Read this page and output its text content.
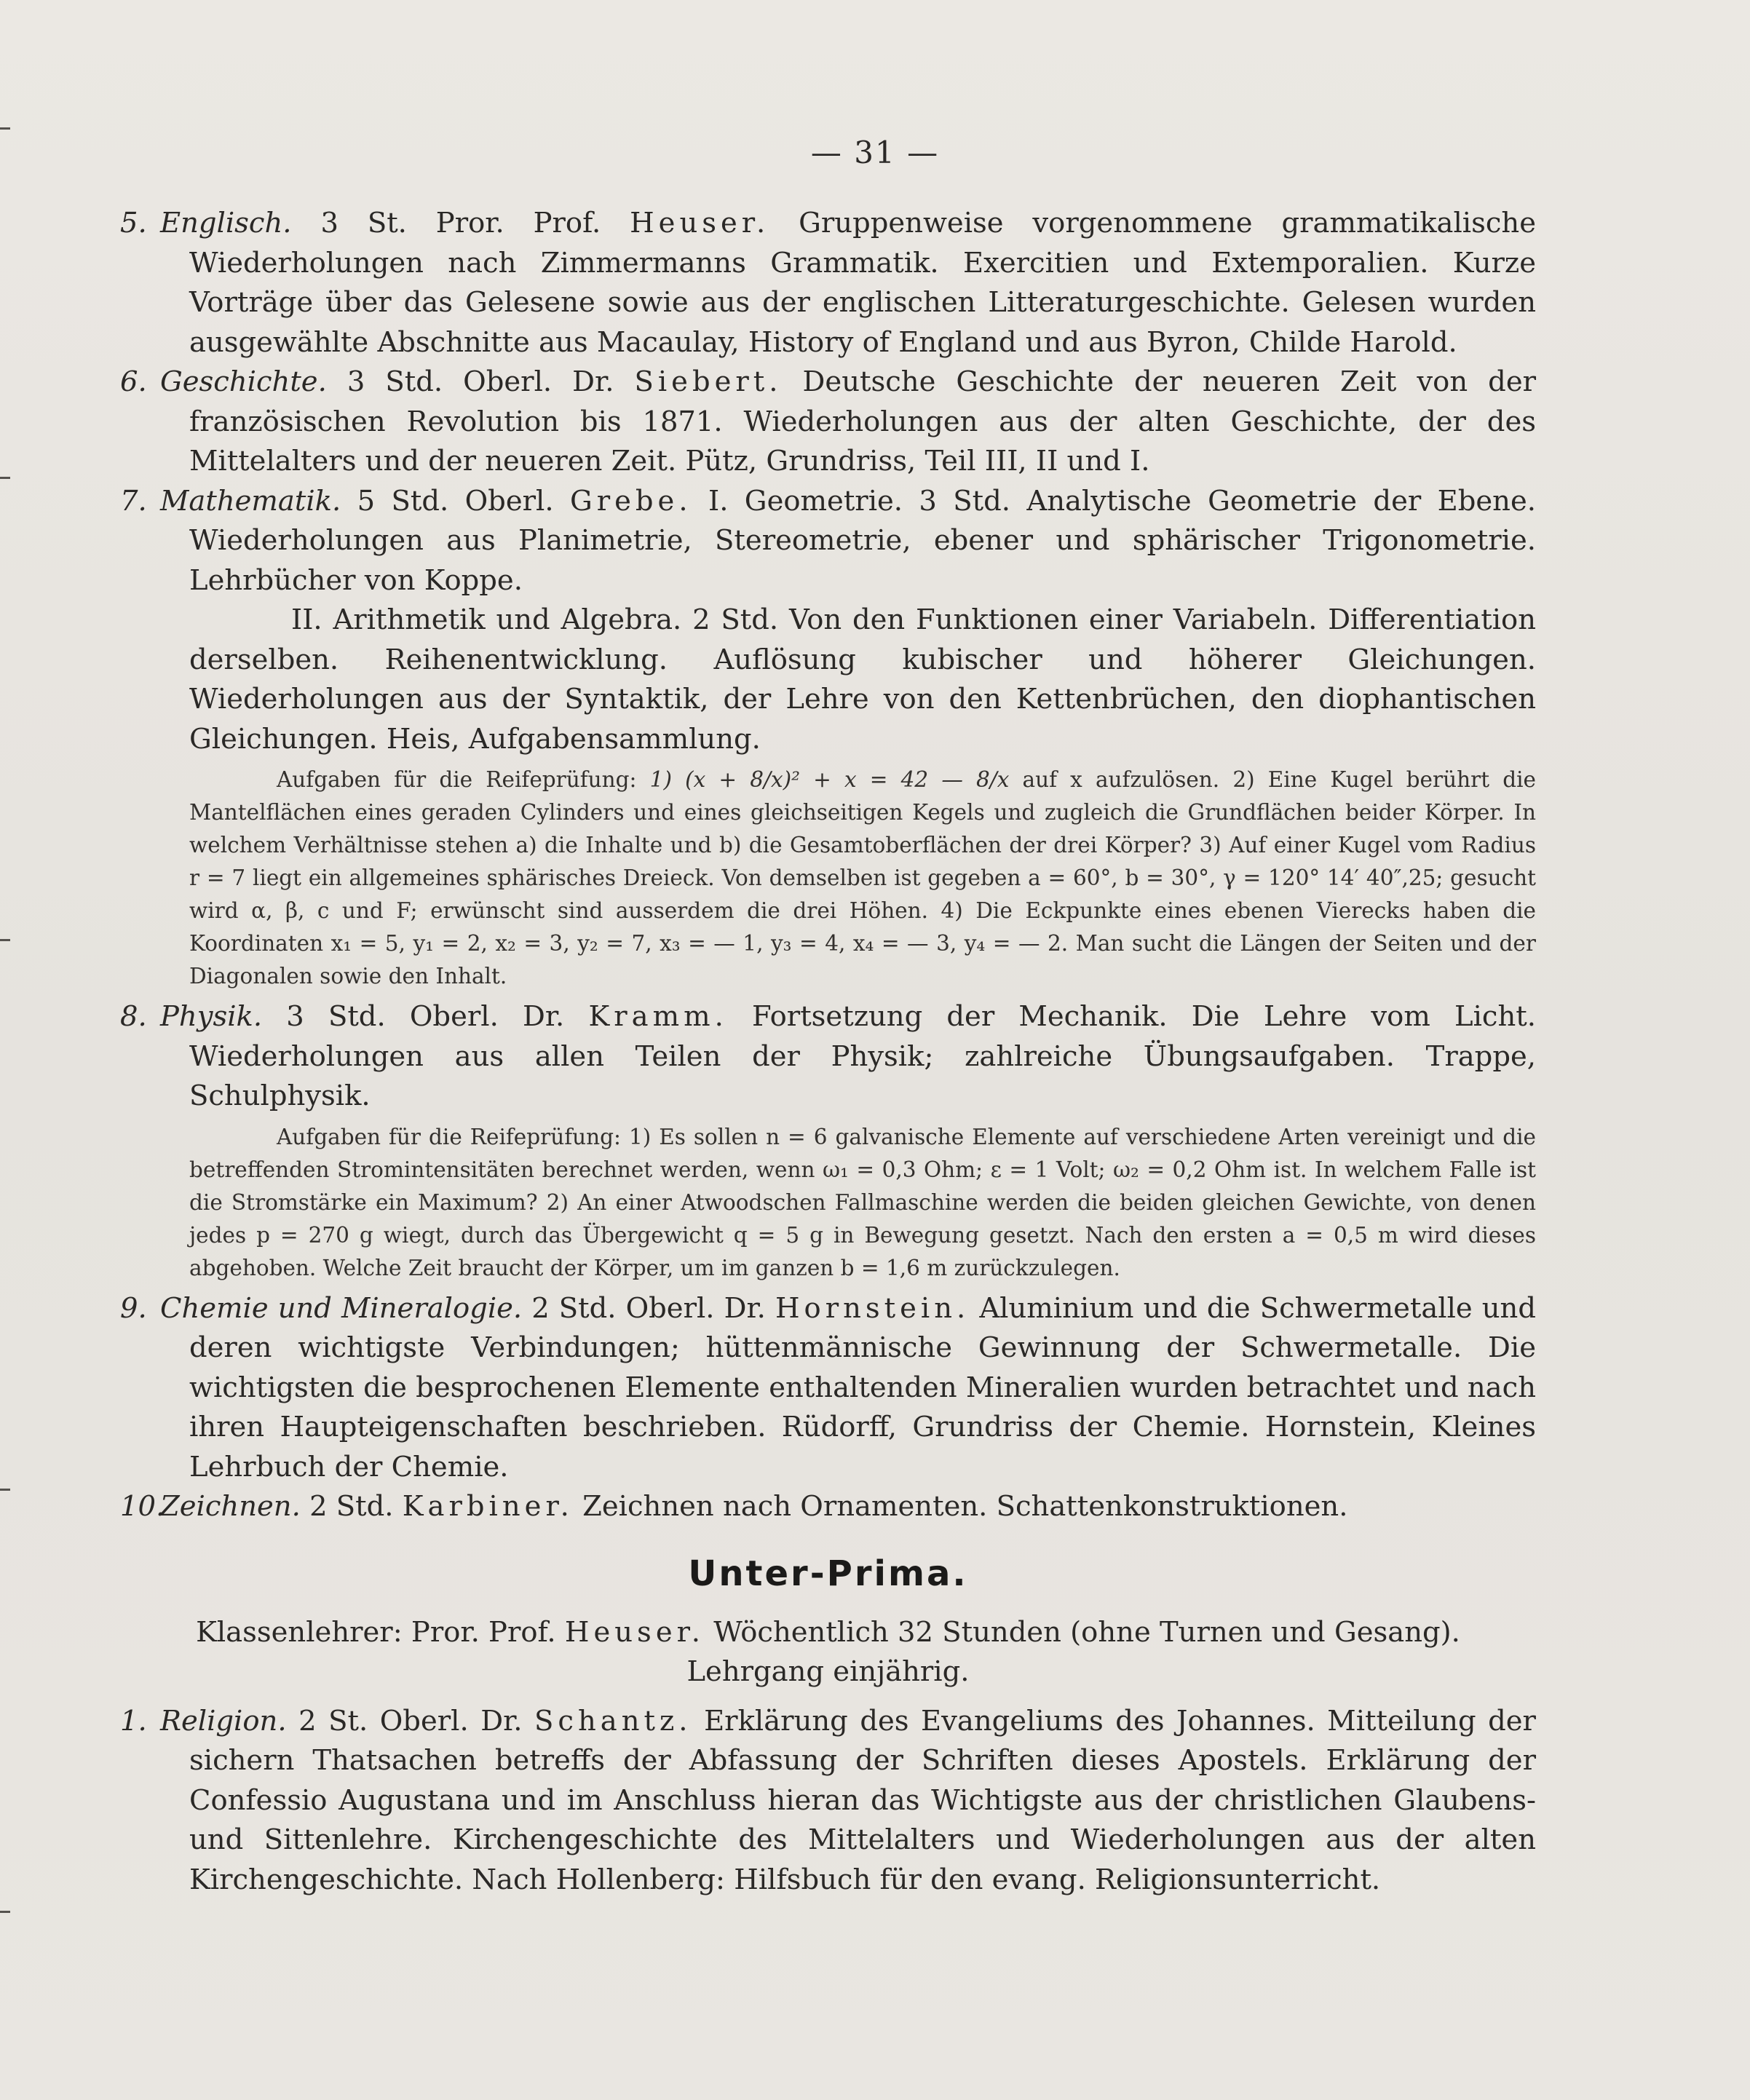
— 31 —

5. Englisch. 3 St. Pror. Prof. Heuser. Gruppenweise vorgenommene grammatikalische Wiederholungen nach Zimmermanns Grammatik. Exercitien und Extemporalien. Kurze Vorträge über das Gelesene sowie aus der englischen Litteraturgeschichte. Gelesen wurden ausgewählte Abschnitte aus Macaulay, History of England und aus Byron, Childe Harold.

6. Geschichte. 3 Std. Oberl. Dr. Siebert. Deutsche Geschichte der neueren Zeit von der französischen Revolution bis 1871. Wiederholungen aus der alten Geschichte, der des Mittelalters und der neueren Zeit. Pütz, Grundriss, Teil III, II und I.

7. Mathematik. 5 Std. Oberl. Grebe. I. Geometrie. 3 Std. Analytische Geometrie der Ebene. Wiederholungen aus Planimetrie, Stereometrie, ebener und sphärischer Trigonometrie. Lehrbücher von Koppe.

II. Arithmetik und Algebra. 2 Std. Von den Funktionen einer Variabeln. Differentiation derselben. Reihenentwicklung. Auflösung kubischer und höherer Gleichungen. Wiederholungen aus der Syntaktik, der Lehre von den Kettenbrüchen, den diophantischen Gleichungen. Heis, Aufgabensammlung.

Aufgaben für die Reifeprüfung: 1) (x + 8/x)² + x = 42 — 8/x auf x aufzulösen. 2) Eine Kugel berührt die Mantelflächen eines geraden Cylinders und eines gleichseitigen Kegels und zugleich die Grundflächen beider Körper. In welchem Verhältnisse stehen a) die Inhalte und b) die Gesamtoberflächen der drei Körper? 3) Auf einer Kugel vom Radius r = 7 liegt ein allgemeines sphärisches Dreieck. Von demselben ist gegeben a = 60°, b = 30°, γ = 120° 14′ 40″,25; gesucht wird α, β, c und F; erwünscht sind ausserdem die drei Höhen. 4) Die Eckpunkte eines ebenen Vierecks haben die Koordinaten x₁ = 5, y₁ = 2, x₂ = 3, y₂ = 7, x₃ = — 1, y₃ = 4, x₄ = — 3, y₄ = — 2. Man sucht die Längen der Seiten und der Diagonalen sowie den Inhalt.

8. Physik. 3 Std. Oberl. Dr. Kramm. Fortsetzung der Mechanik. Die Lehre vom Licht. Wiederholungen aus allen Teilen der Physik; zahlreiche Übungsaufgaben. Trappe, Schulphysik.

Aufgaben für die Reifeprüfung: 1) Es sollen n = 6 galvanische Elemente auf verschiedene Arten vereinigt und die betreffenden Stromintensitäten berechnet werden, wenn ω₁ = 0,3 Ohm; ε = 1 Volt; ω₂ = 0,2 Ohm ist. In welchem Falle ist die Stromstärke ein Maximum? 2) An einer Atwoodschen Fallmaschine werden die beiden gleichen Gewichte, von denen jedes p = 270 g wiegt, durch das Übergewicht q = 5 g in Bewegung gesetzt. Nach den ersten a = 0,5 m wird dieses abgehoben. Welche Zeit braucht der Körper, um im ganzen b = 1,6 m zurückzulegen.

9. Chemie und Mineralogie. 2 Std. Oberl. Dr. Hornstein. Aluminium und die Schwermetalle und deren wichtigste Verbindungen; hüttenmännische Gewinnung der Schwermetalle. Die wichtigsten die besprochenen Elemente enthaltenden Mineralien wurden betrachtet und nach ihren Haupteigenschaften beschrieben. Rüdorff, Grundriss der Chemie. Hornstein, Kleines Lehrbuch der Chemie.

10.Zeichnen. 2 Std. Karbiner. Zeichnen nach Ornamenten. Schattenkonstruktionen.

Unter-Prima.

Klassenlehrer: Pror. Prof. Heuser. Wöchentlich 32 Stunden (ohne Turnen und Gesang).

Lehrgang einjährig.

1. Religion. 2 St. Oberl. Dr. Schantz. Erklärung des Evangeliums des Johannes. Mitteilung der sichern Thatsachen betreffs der Abfassung der Schriften dieses Apostels. Erklärung der Confessio Augustana und im Anschluss hieran das Wichtigste aus der christlichen Glaubens- und Sittenlehre. Kirchengeschichte des Mittelalters und Wiederholungen aus der alten Kirchengeschichte. Nach Hollenberg: Hilfsbuch für den evang. Religionsunterricht.
